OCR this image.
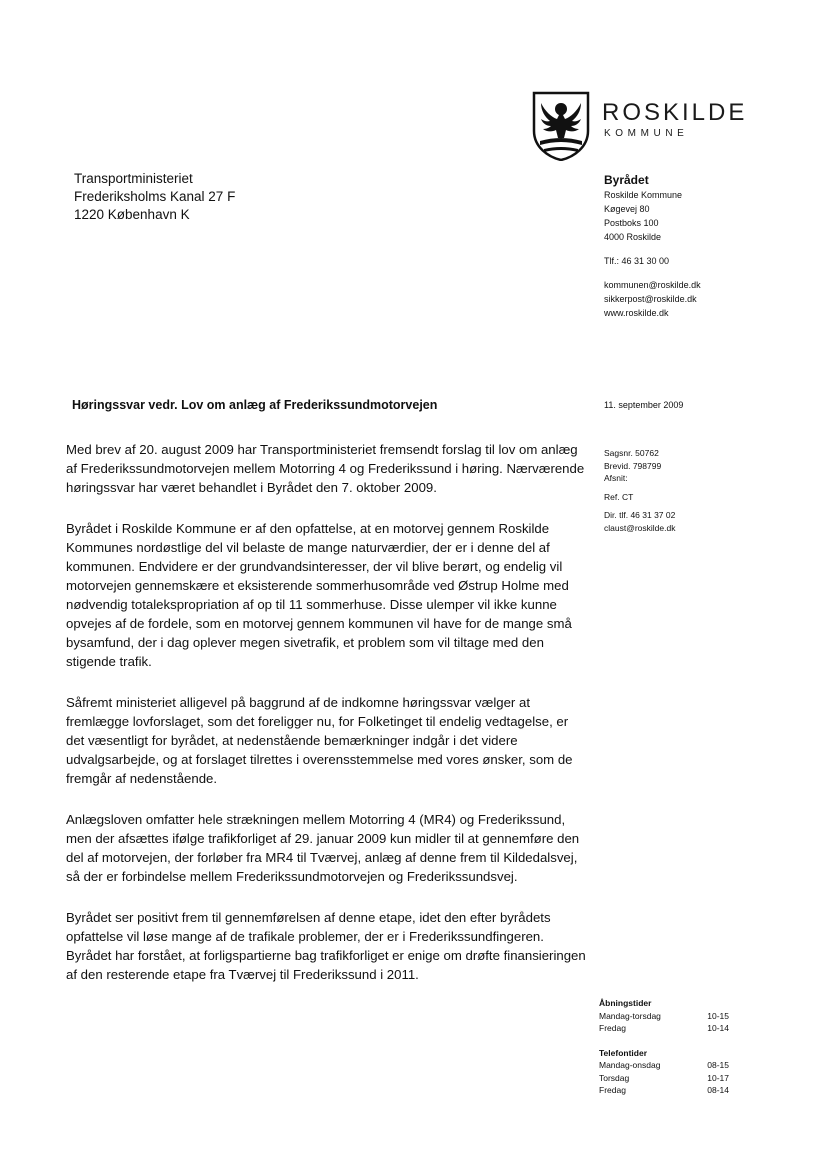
ROSKILDE
KOMMUNE
Transportministeriet
Frederiksholms Kanal 27 F
1220 København K
Byrådet
Roskilde Kommune
Køgevej 80
Postboks 100
4000 Roskilde
Tlf.: 46 31 30 00
kommunen@roskilde.dk
sikkerpost@roskilde.dk
www.roskilde.dk
Høringssvar vedr. Lov om anlæg af Frederikssundmotorvejen	11. september 2009
Sagsnr. 50762
Brevid. 798799
Afsnit:
Ref. CT
Dir. tlf. 46 31 37 02
claust@roskilde.dk

Med brev af 20. august 2009 har Transportministeriet fremsendt forslag til lov om anlæg af Frederikssundmotorvejen mellem Motorring 4 og Frederikssund i høring. Nærværende høringssvar har været behandlet i Byrådet den 7. oktober 2009.

Byrådet i Roskilde Kommune er af den opfattelse, at en motorvej gennem Roskilde Kommunes nordøstlige del vil belaste de mange naturværdier, der er i denne del af kommunen. Endvidere er der grundvandsinteresser, der vil blive berørt, og endelig vil motorvejen gennemskære et eksisterende sommerhusområde ved Østrup Holme med nødvendig totalekspropriation af op til 11 sommerhuse. Disse ulemper vil ikke kunne opvejes af de fordele, som en motorvej gennem kommunen vil have for de mange små bysamfund, der i dag oplever megen sivetrafik, et problem som vil tiltage med den stigende trafik.

Såfremt ministeriet alligevel på baggrund af de indkomne høringssvar vælger at fremlægge lovforslaget, som det foreligger nu, for Folketinget til endelig vedtagelse, er det væsentligt for byrådet, at nedenstående bemærkninger indgår i det videre udvalgsarbejde, og at forslaget tilrettes i overensstemmelse med vores ønsker, som de fremgår af nedenstående.

Anlægsloven omfatter hele strækningen mellem Motorring 4 (MR4) og Frederikssund, men der afsættes ifølge trafikforliget af 29. januar 2009 kun midler til at gennemføre den del af motorvejen, der forløber fra MR4 til Tværvej, anlæg af denne frem til Kildedalsvej, så der er forbindelse mellem Frederikssundmotorvejen og Frederikssundsvej.

Byrådet ser positivt frem til gennemførelsen af denne etape, idet den efter byrådets opfattelse vil løse mange af de trafikale problemer, der er i Frederikssundfingeren. Byrådet har forstået, at forligspartierne bag trafikforliget er enige om drøfte finansieringen af den resterende etape fra Tværvej til Frederikssund i 2011.

Åbningstider
Mandag-torsdag	10-15
Fredag	10-14
Telefontider
Mandag-onsdag	08-15
Torsdag	10-17
Fredag	08-14
